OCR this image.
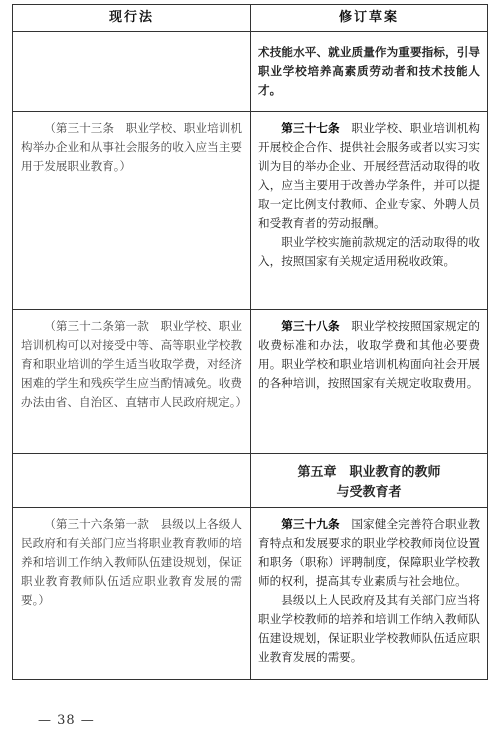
现行法	修订草案

术技能水平、就业质量作为重要指标，引导职业学校培养高素质劳动者和技术技能人才。

（第三十三条　职业学校、职业培训机构举办企业和从事社会服务的收入应当主要用于发展职业教育。）

第三十七条　 职业学校、职业培训机构开展校企合作、提供社会服务或者以实习实训为目的举办企业、开展经营活动取得的收入，应当主要用于改善办学条件，并可以提取一定比例支付教师、企业专家、外聘人员和受教育者的劳动报酬。

职业学校实施前款规定的活动取得的收入，按照国家有关规定适用税收政策。

（第三十二条第一款　职业学校、职业培训机构可以对接受中等、高等职业学校教育和职业培训的学生适当收取学费，对经济困难的学生和残疾学生应当酌情减免。收费办法由省、自治区、直辖市人民政府规定。）

第三十八条　 职业学校按照国家规定的收费标准和办法，收取学费和其他必要费用。职业学校和职业培训机构面向社会开展的各种培训，按照国家有关规定收取费用。

第五章　职业教育的教师
与受教育者

（第三十六条第一款　县级以上各级人民政府和有关部门应当将职业教育教师的培养和培训工作纳入教师队伍建设规划，保证职业教育教师队伍适应职业教育发展的需要。）

第三十九条　 国家健全完善符合职业教育特点和发展要求的职业学校教师岗位设置和职务（职称）评聘制度，保障职业学校教师的权利，提高其专业素质与社会地位。

县级以上人民政府及其有关部门应当将职业学校教师的培养和培训工作纳入教师队伍建设规划，保证职业学校教师队伍适应职业教育发展的需要。

— 38 —
